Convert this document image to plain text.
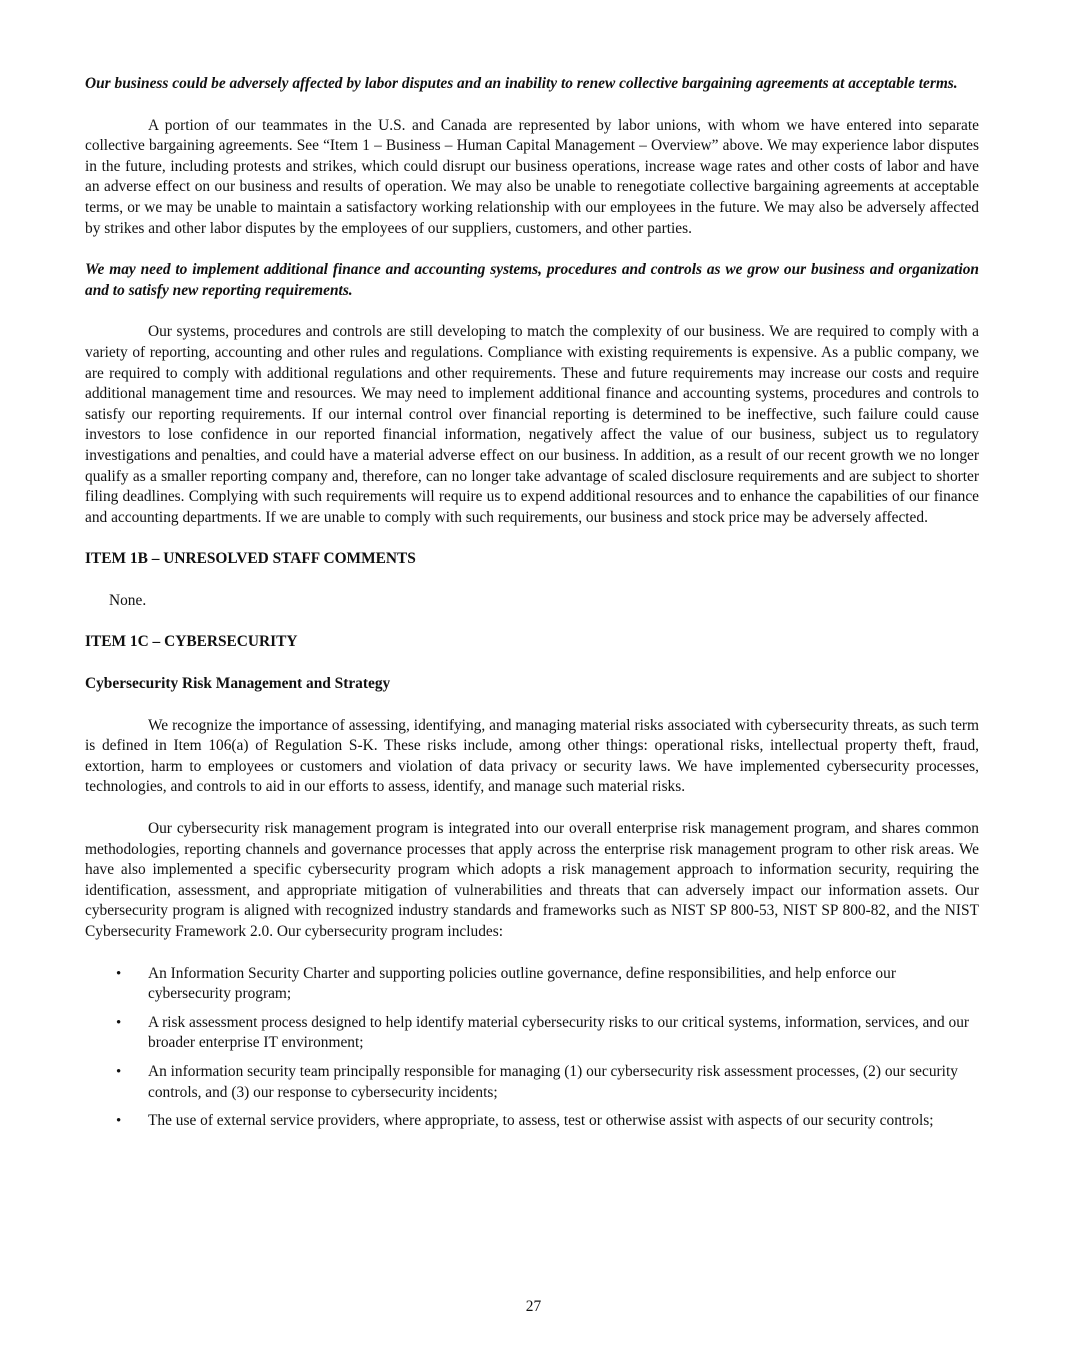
Our business could be adversely affected by labor disputes and an inability to renew collective bargaining agreements at acceptable terms.

A portion of our teammates in the U.S. and Canada are represented by labor unions, with whom we have entered into separate collective bargaining agreements. See “Item 1 – Business – Human Capital Management – Overview” above. We may experience labor disputes in the future, including protests and strikes, which could disrupt our business operations, increase wage rates and other costs of labor and have an adverse effect on our business and results of operation. We may also be unable to renegotiate collective bargaining agreements at acceptable terms, or we may be unable to maintain a satisfactory working relationship with our employees in the future. We may also be adversely affected by strikes and other labor disputes by the employees of our suppliers, customers, and other parties.

We may need to implement additional finance and accounting systems, procedures and controls as we grow our business and organization and to satisfy new reporting requirements.

Our systems, procedures and controls are still developing to match the complexity of our business. We are required to comply with a variety of reporting, accounting and other rules and regulations. Compliance with existing requirements is expensive. As a public company, we are required to comply with additional regulations and other requirements. These and future requirements may increase our costs and require additional management time and resources. We may need to implement additional finance and accounting systems, procedures and controls to satisfy our reporting requirements. If our internal control over financial reporting is determined to be ineffective, such failure could cause investors to lose confidence in our reported financial information, negatively affect the value of our business, subject us to regulatory investigations and penalties, and could have a material adverse effect on our business. In addition, as a result of our recent growth we no longer qualify as a smaller reporting company and, therefore, can no longer take advantage of scaled disclosure requirements and are subject to shorter filing deadlines. Complying with such requirements will require us to expend additional resources and to enhance the capabilities of our finance and accounting departments. If we are unable to comply with such requirements, our business and stock price may be adversely affected.

ITEM 1B – UNRESOLVED STAFF COMMENTS

None.

ITEM 1C – CYBERSECURITY

Cybersecurity Risk Management and Strategy

We recognize the importance of assessing, identifying, and managing material risks associated with cybersecurity threats, as such term is defined in Item 106(a) of Regulation S-K. These risks include, among other things: operational risks, intellectual property theft, fraud, extortion, harm to employees or customers and violation of data privacy or security laws. We have implemented cybersecurity processes, technologies, and controls to aid in our efforts to assess, identify, and manage such material risks.

Our cybersecurity risk management program is integrated into our overall enterprise risk management program, and shares common methodologies, reporting channels and governance processes that apply across the enterprise risk management program to other risk areas. We have also implemented a specific cybersecurity program which adopts a risk management approach to information security, requiring the identification, assessment, and appropriate mitigation of vulnerabilities and threats that can adversely impact our information assets. Our cybersecurity program is aligned with recognized industry standards and frameworks such as NIST SP 800-53, NIST SP 800-82, and the NIST Cybersecurity Framework 2.0. Our cybersecurity program includes:

• An Information Security Charter and supporting policies outline governance, define responsibilities, and help enforce our cybersecurity program;
• A risk assessment process designed to help identify material cybersecurity risks to our critical systems, information, services, and our broader enterprise IT environment;
• An information security team principally responsible for managing (1) our cybersecurity risk assessment processes, (2) our security controls, and (3) our response to cybersecurity incidents;
• The use of external service providers, where appropriate, to assess, test or otherwise assist with aspects of our security controls;
27
